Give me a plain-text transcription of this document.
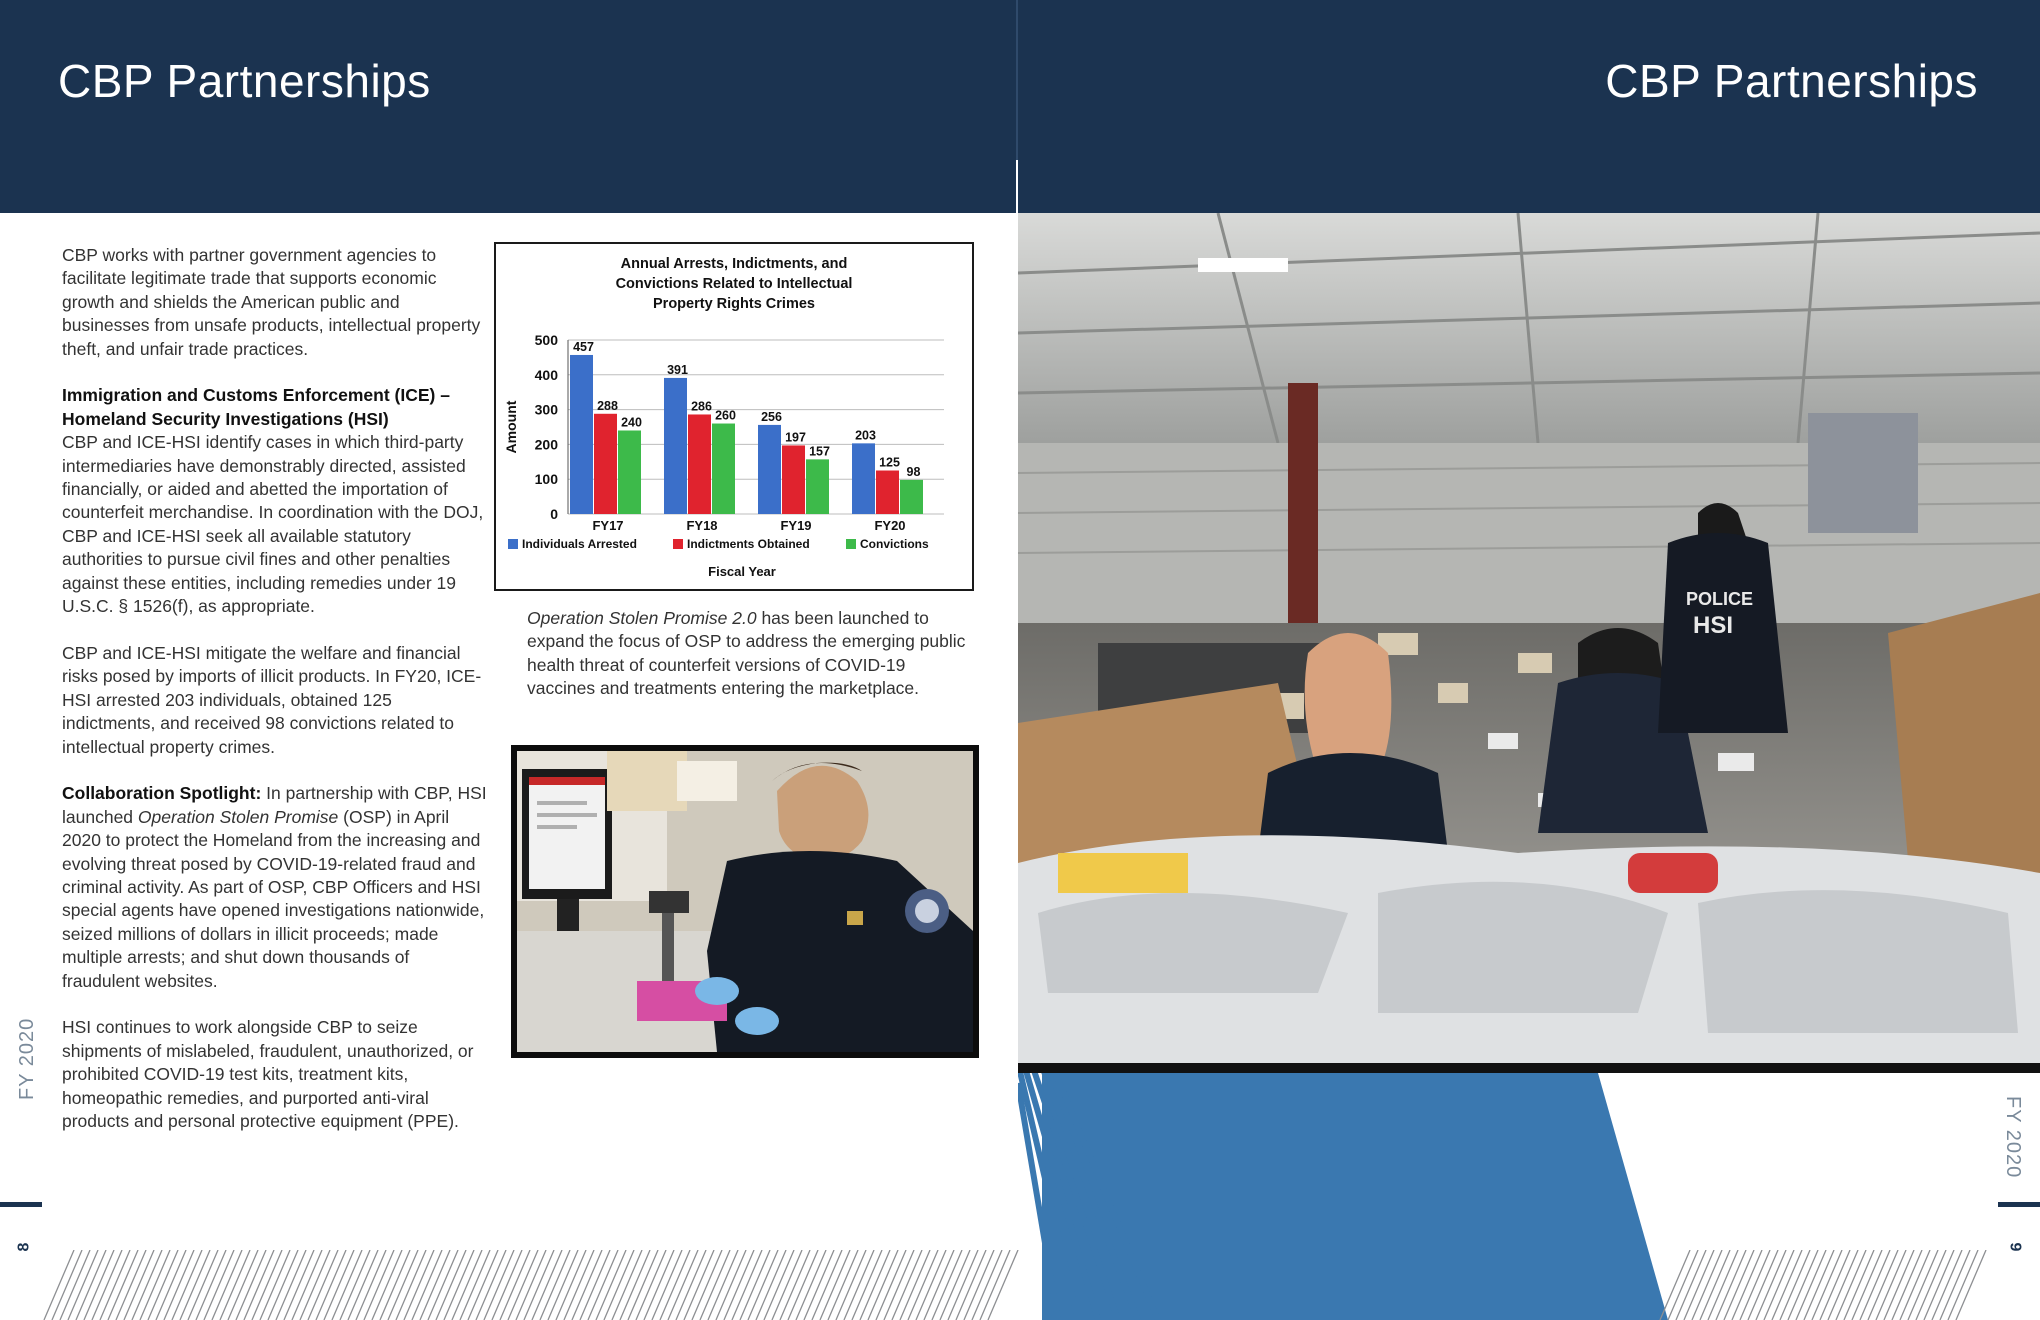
CBP Partnerships	CBP Partnerships

CBP works with partner government agencies to facilitate legitimate trade that supports economic growth and shields the American public and businesses from unsafe products, intellectual property theft, and unfair trade practices.

Immigration and Customs Enforcement (ICE) – Homeland Security Investigations (HSI)
CBP and ICE-HSI identify cases in which third-party intermediaries have demonstrably directed, assisted financially, or aided and abetted the importation of counterfeit merchandise. In coordination with the DOJ, CBP and ICE-HSI seek all available statutory authorities to pursue civil fines and other penalties against these entities, including remedies under 19 U.S.C. § 1526(f), as appropriate.

CBP and ICE-HSI mitigate the welfare and financial risks posed by imports of illicit products. In FY20, ICE-HSI arrested 203 individuals, obtained 125 indictments, and received 98 convictions related to intellectual property crimes.

Collaboration Spotlight: In partnership with CBP, HSI launched Operation Stolen Promise (OSP) in April 2020 to protect the Homeland from the increasing and evolving threat posed by COVID-19-related fraud and criminal activity. As part of OSP, CBP Officers and HSI special agents have opened investigations nationwide, seized millions of dollars in illicit proceeds; made multiple arrests; and shut down thousands of fraudulent websites.

HSI continues to work alongside CBP to seize shipments of mislabeled, fraudulent, unauthorized, or prohibited COVID-19 test kits, treatment kits, homeopathic remedies, and purported anti-viral products and personal protective equipment (PPE).

Annual Arrests, Indictments, and
Convictions Related to Intellectual
Property Rights Crimes
0
100
200
300
400
500
Amount
457
288
240
FY17
391
286
260
FY18
256
197
157
FY19
203
125
98
FY20
Individuals Arrested	Indictments Obtained	Convictions
Fiscal Year
Operation Stolen Promise 2.0 has been launched to expand the focus of OSP to address the emerging public health threat of counterfeit versions of COVID-19 vaccines and treatments entering the marketplace.
POLICE
HSI
FY 2020
FY 2020
8	9
